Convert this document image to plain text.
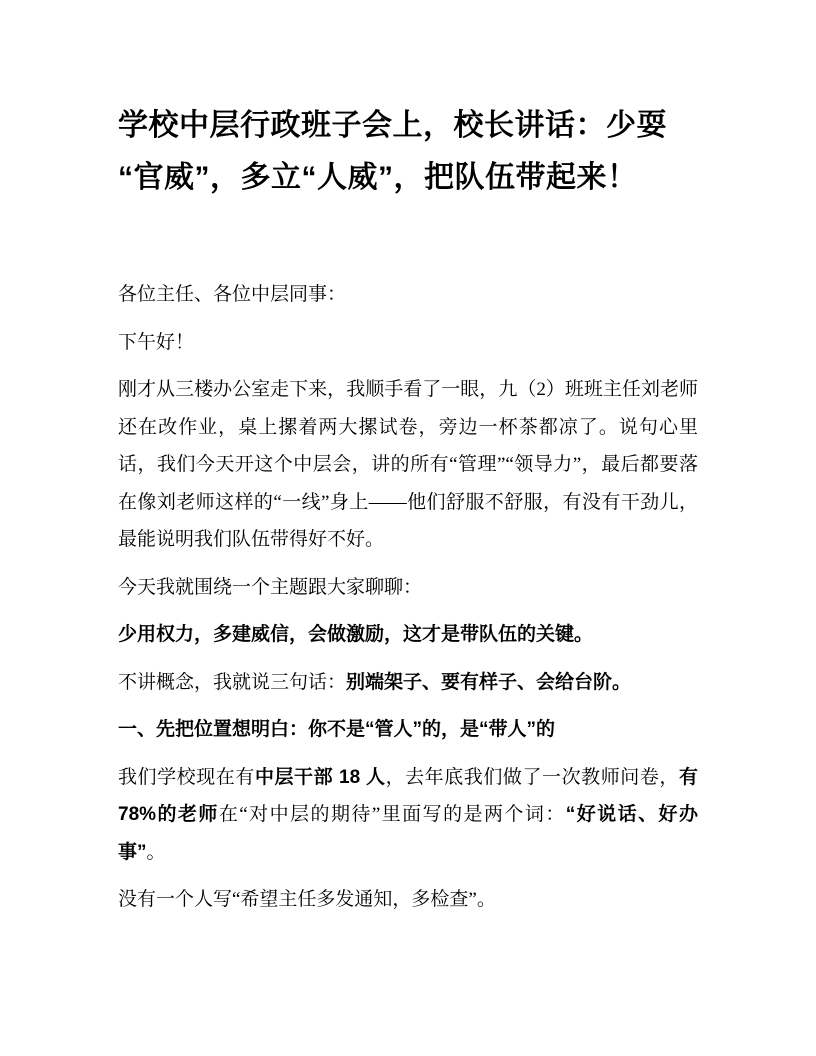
学校中层行政班子会上，校长讲话：少耍“官威”，多立“人威”，把队伍带起来！

各位主任、各位中层同事：

下午好！

刚才从三楼办公室走下来，我顺手看了一眼，九（2）班班主任刘老师还在改作业，桌上摞着两大摞试卷，旁边一杯茶都凉了。说句心里话，我们今天开这个中层会，讲的所有“管理”“领导力”，最后都要落在像刘老师这样的“一线”身上——他们舒服不舒服，有没有干劲儿，最能说明我们队伍带得好不好。

今天我就围绕一个主题跟大家聊聊：

少用权力，多建威信，会做激励，这才是带队伍的关键。

不讲概念，我就说三句话：别端架子、要有样子、会给台阶。

一、先把位置想明白：你不是“管人”的，是“带人”的

我们学校现在有中层干部 18 人，去年底我们做了一次教师问卷，有 78%的老师在“对中层的期待”里面写的是两个词：“好说话、好办事”。

没有一个人写“希望主任多发通知，多检查”。
